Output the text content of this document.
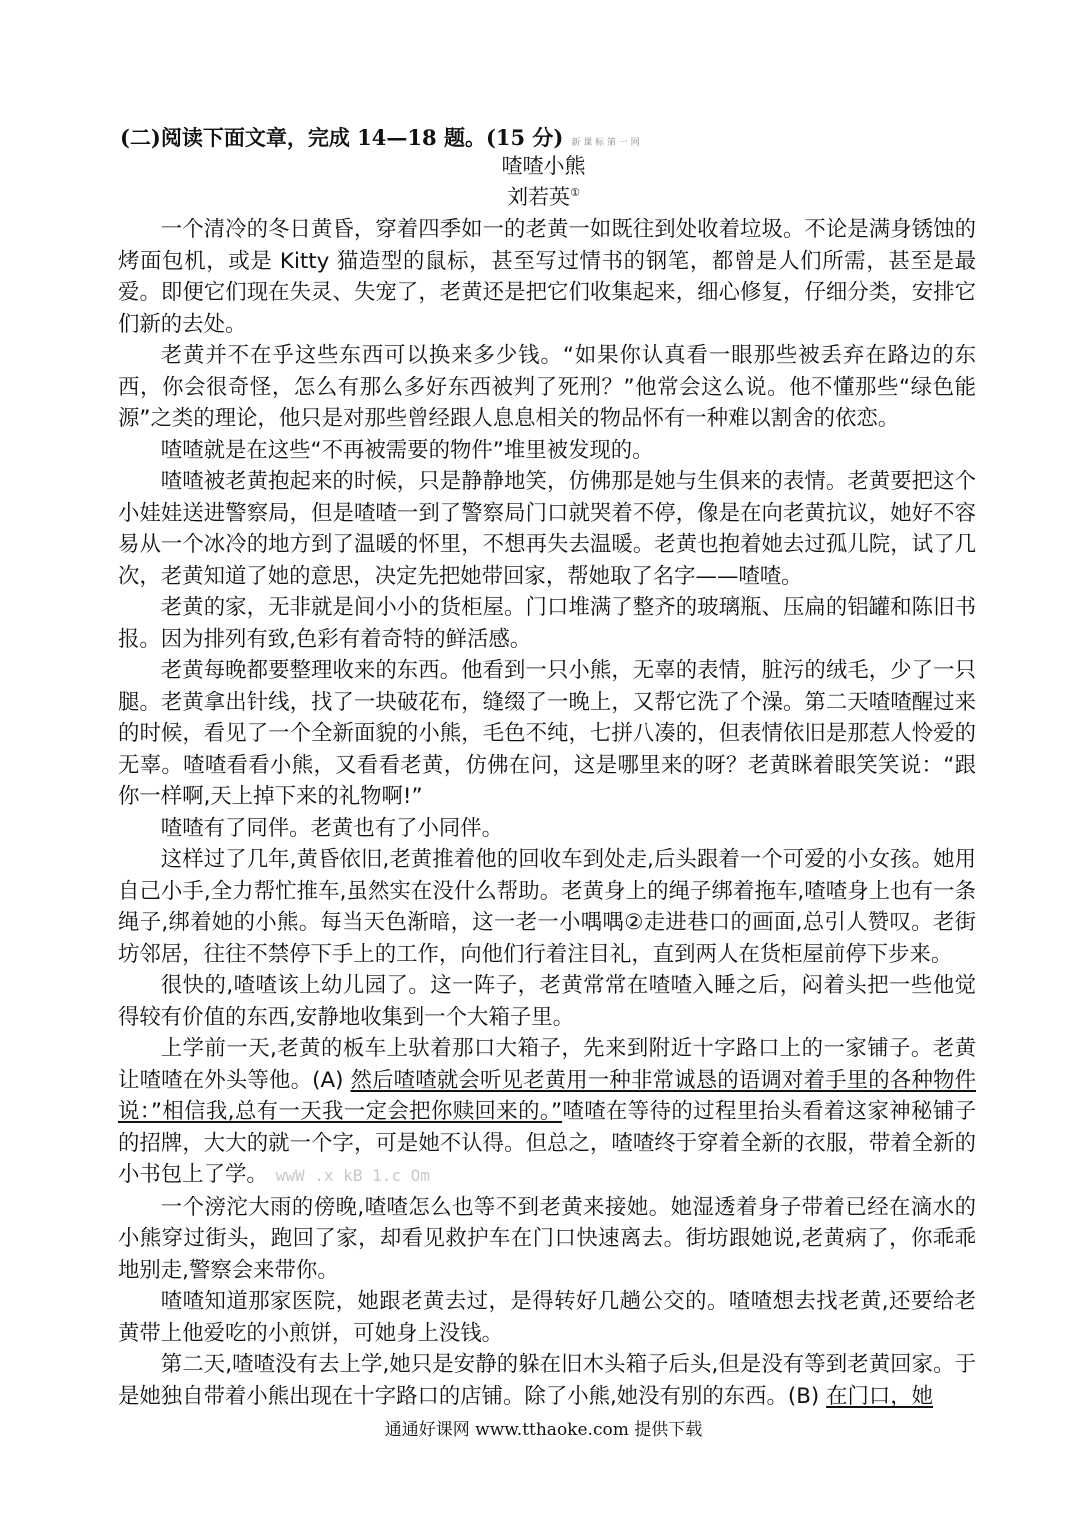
(二)阅读下面文章，完成 14—18 题。(15 分) 新 课 标 第 一 网
喳喳小熊
刘若英①

一个清冷的冬日黄昏，穿着四季如一的老黄一如既往到处收着垃圾。不论是满身锈蚀的烤面包机，或是 Kitty 猫造型的鼠标，甚至写过情书的钢笔，都曾是人们所需，甚至是最爱。即便它们现在失灵、失宠了，老黄还是把它们收集起来，细心修复，仔细分类，安排它们新的去处。

老黄并不在乎这些东西可以换来多少钱。“如果你认真看一眼那些被丢弃在路边的东西，你会很奇怪，怎么有那么多好东西被判了死刑？”他常会这么说。他不懂那些“绿色能源”之类的理论，他只是对那些曾经跟人息息相关的物品怀有一种难以割舍的依恋。

喳喳就是在这些“不再被需要的物件”堆里被发现的。

喳喳被老黄抱起来的时候，只是静静地笑，仿佛那是她与生俱来的表情。老黄要把这个小娃娃送进警察局，但是喳喳一到了警察局门口就哭着不停，像是在向老黄抗议，她好不容易从一个冰冷的地方到了温暖的怀里，不想再失去温暖。老黄也抱着她去过孤儿院，试了几次，老黄知道了她的意思，决定先把她带回家，帮她取了名字——喳喳。

老黄的家，无非就是间小小的货柜屋。门口堆满了整齐的玻璃瓶、压扁的铝罐和陈旧书报。因为排列有致,色彩有着奇特的鲜活感。

老黄每晚都要整理收来的东西。他看到一只小熊，无辜的表情，脏污的绒毛，少了一只腿。老黄拿出针线，找了一块破花布，缝缀了一晚上，又帮它洗了个澡。第二天喳喳醒过来的时候，看见了一个全新面貌的小熊，毛色不纯，七拼八凑的，但表情依旧是那惹人怜爱的无辜。喳喳看看小熊，又看看老黄，仿佛在问，这是哪里来的呀？老黄眯着眼笑笑说：“跟你一样啊,天上掉下来的礼物啊!”

喳喳有了同伴。老黄也有了小同伴。

这样过了几年,黄昏依旧,老黄推着他的回收车到处走,后头跟着一个可爱的小女孩。她用自己小手,全力帮忙推车,虽然实在没什么帮助。老黄身上的绳子绑着拖车,喳喳身上也有一条绳子,绑着她的小熊。每当天色渐暗，这一老一小喁喁②走进巷口的画面,总引人赞叹。老街坊邻居，往往不禁停下手上的工作，向他们行着注目礼，直到两人在货柜屋前停下步来。

很快的,喳喳该上幼儿园了。这一阵子，老黄常常在喳喳入睡之后，闷着头把一些他觉得较有价值的东西,安静地收集到一个大箱子里。

上学前一天,老黄的板车上驮着那口大箱子，先来到附近十字路口上的一家铺子。老黄让喳喳在外头等他。(A) 然后喳喳就会听见老黄用一种非常诚恳的语调对着手里的各种物件说：”相信我,总有一天我一定会把你赎回来的。”喳喳在等待的过程里抬头看着这家神秘铺子的招牌，大大的就一个字，可是她不认得。但总之，喳喳终于穿着全新的衣服，带着全新的小书包上了学。 wwW .x kB 1.c Om

一个滂沱大雨的傍晚,喳喳怎么也等不到老黄来接她。她湿透着身子带着已经在滴水的小熊穿过街头，跑回了家，却看见救护车在门口快速离去。街坊跟她说,老黄病了，你乖乖地别走,警察会来带你。

喳喳知道那家医院，她跟老黄去过，是得转好几趟公交的。喳喳想去找老黄,还要给老黄带上他爱吃的小煎饼，可她身上没钱。

第二天,喳喳没有去上学,她只是安静的躲在旧木头箱子后头,但是没有等到老黄回家。于是她独自带着小熊出现在十字路口的店铺。除了小熊,她没有别的东西。(B) 在门口，她

通通好课网 www.tthaoke.com 提供下载
